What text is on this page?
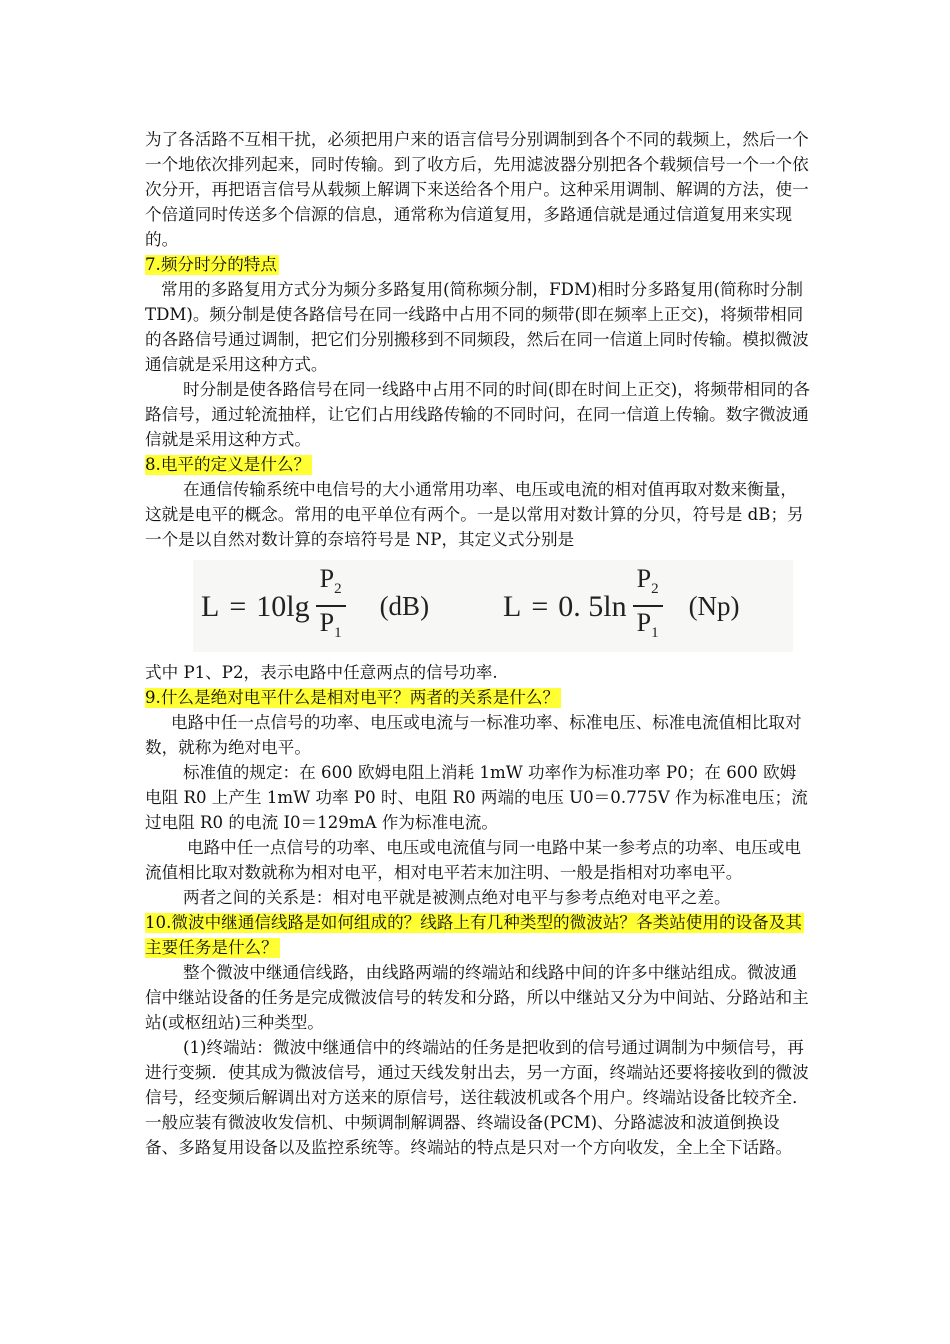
为了各活路不互相干扰，必须把用户来的语言信号分别调制到各个不同的载频上，然后一个一个地依次排列起来，同时传输。到了收方后，先用滤波器分别把各个载频信号一个一个依次分开，再把语言信号从载频上解调下来送给各个用户。这种采用调制、解调的方法，使一个倍道同时传送多个信源的信息，通常称为信道复用，多路通信就是通过信道复用来实现的。

7.频分时分的特点

常用的多路复用方式分为频分多路复用(简称频分制，FDM)相时分多路复用(简称时分制 TDM)。频分制是使各路信号在同一线路中占用不同的频带(即在频率上正交)，将频带相同的各路信号通过调制，把它们分别搬移到不同频段，然后在同一信道上同时传输。模拟微波通信就是采用这种方式。

时分制是使各路信号在同一线路中占用不同的时间(即在时间上正交)，将频带相同的各路信号，通过轮流抽样，让它们占用线路传输的不同时问，在同一信道上传输。数字微波通信就是采用这种方式。

8.电平的定义是什么？

在通信传输系统中电信号的大小通常用功率、电压或电流的相对值再取对数来衡量，这就是电平的概念。常用的电平单位有两个。一是以常用对数计算的分贝，符号是 dB；另一个是以自然对数计算的奈培符号是 NP，其定义式分别是

$L = 10\lg \frac{P_2}{P_1} (dB) L = 0$. $5\ln \frac{P_2}{P_1} (Np)$

式中 P1、P2，表示电路中任意两点的信号功率.

9.什么是绝对电平什么是相对电平？两者的关系是什么？

电路中任一点信号的功率、电压或电流与一标准功率、标准电压、标准电流值相比取对数，就称为绝对电平。

标准值的规定：在 600 欧姆电阻上消耗 1mW 功率作为标准功率 P0；在 600 欧姆电阻 R0 上产生 1mW 功率 P0 时、电阻 R0 两端的电压 U0＝0.775V 作为标准电压；流过电阻 R0 的电流 I0＝129mA 作为标准电流。

电路中任一点信号的功率、电压或电流值与同一电路中某一参考点的功率、电压或电流值相比取对数就称为相对电平，相对电平若末加注明、一般是指相对功率电平。

两者之间的关系是：相对电平就是被测点绝对电平与参考点绝对电平之差。

10.微波中继通信线路是如何组成的？线路上有几种类型的微波站？各类站使用的设备及其主要任务是什么？

整个微波中继通信线路，由线路两端的终端站和线路中间的许多中继站组成。微波通信中继站设备的任务是完成微波信号的转发和分路，所以中继站又分为中间站、分路站和主站(或枢纽站)三种类型。

(1)终端站：微波中继通信中的终端站的任务是把收到的信号通过调制为中频信号，再进行变频．使其成为微波信号，通过天线发射出去，另一方面，终端站还要将接收到的微波信号，经变频后解调出对方送来的原信号，送往载波机或各个用户。终端站设备比较齐全．一般应装有微波收发信机、中频调制解调器、终端设备(PCM)、分路滤波和波道倒换设备、多路复用设备以及监控系统等。终端站的特点是只对一个方向收发，全上全下话路。
